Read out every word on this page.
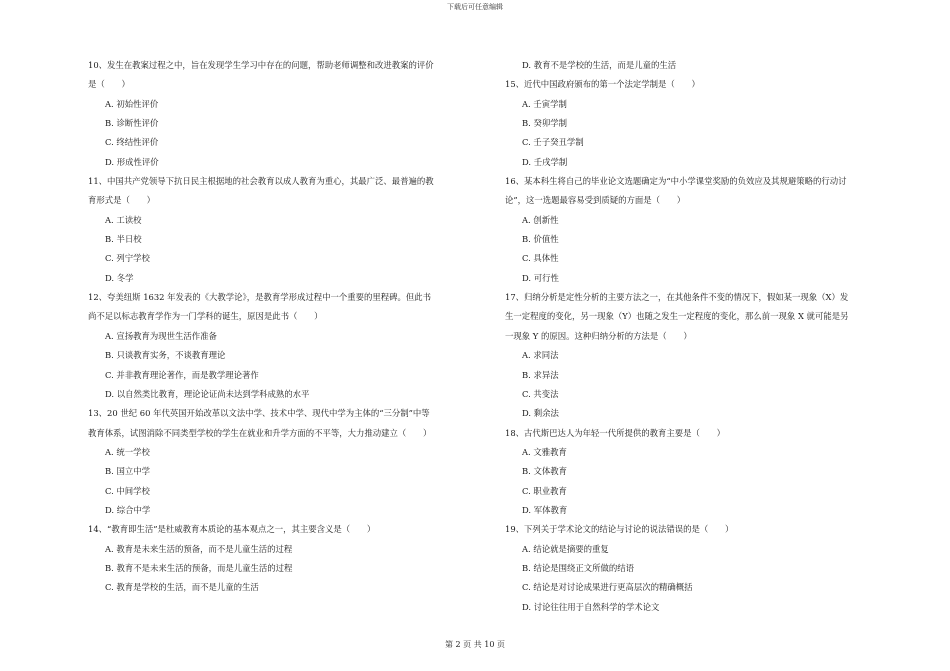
下载后可任意编辑
10、发生在教案过程之中，旨在发现学生学习中存在的问题，帮助老师调整和改进教案的评价
是（　　）
A. 初始性评价
B. 诊断性评价
C. 终结性评价
D. 形成性评价
11、中国共产党领导下抗日民主根据地的社会教育以成人教育为重心，其最广泛、最普遍的教
育形式是（　　）
A. 工读校
B. 半日校
C. 列宁学校
D. 冬学
12、夸美纽斯 1632 年发表的《大教学论》，是教育学形成过程中一个重要的里程碑。但此书
尚不足以标志教育学作为一门学科的诞生，原因是此书（　　）
A. 宣扬教育为现世生活作准备
B. 只谈教育实务，不谈教育理论
C. 并非教育理论著作，而是教学理论著作
D. 以自然类比教育，理论论证尚未达到学科成熟的水平
13、20 世纪 60 年代英国开始改革以文法中学、技术中学、现代中学为主体的“三分制”中等
教育体系，试图消除不同类型学校的学生在就业和升学方面的不平等，大力推动建立（　　）
A. 统一学校
B. 国立中学
C. 中间学校
D. 综合中学
14、“教育即生活”是杜威教育本质论的基本观点之一，其主要含义是（　　）
A. 教育是未来生活的预备，而不是儿童生活的过程
B. 教育不是未来生活的预备，而是儿童生活的过程
C. 教育是学校的生活，而不是儿童的生活
D. 教育不是学校的生活，而是儿童的生活
15、近代中国政府颁布的第一个法定学制是（　　）
A. 壬寅学制
B. 癸卯学制
C. 壬子癸丑学制
D. 壬戌学制
16、某本科生将自己的毕业论文选题确定为“中小学课堂奖励的负效应及其规避策略的行动讨
论”，这一选题最容易受到质疑的方面是（　　）
A. 创新性
B. 价值性
C. 具体性
D. 可行性
17、归纳分析是定性分析的主要方法之一，在其他条件不变的情况下，假如某一现象（X）发
生一定程度的变化，另一现象（Y）也随之发生一定程度的变化，那么前一现象 X 就可能是另
一现象 Y 的原因。这种归纳分析的方法是（　　）
A. 求同法
B. 求异法
C. 共变法
D. 剩余法
18、古代斯巴达人为年轻一代所提供的教育主要是（　　）
A. 文雅教育
B. 文体教育
C. 职业教育
D. 军体教育
19、下列关于学术论文的结论与讨论的说法错误的是（　　）
A. 结论就是摘要的重复
B. 结论是围绕正文所做的结语
C. 结论是对讨论成果进行更高层次的精确概括
D. 讨论往往用于自然科学的学术论文
第 2 页 共 10 页
